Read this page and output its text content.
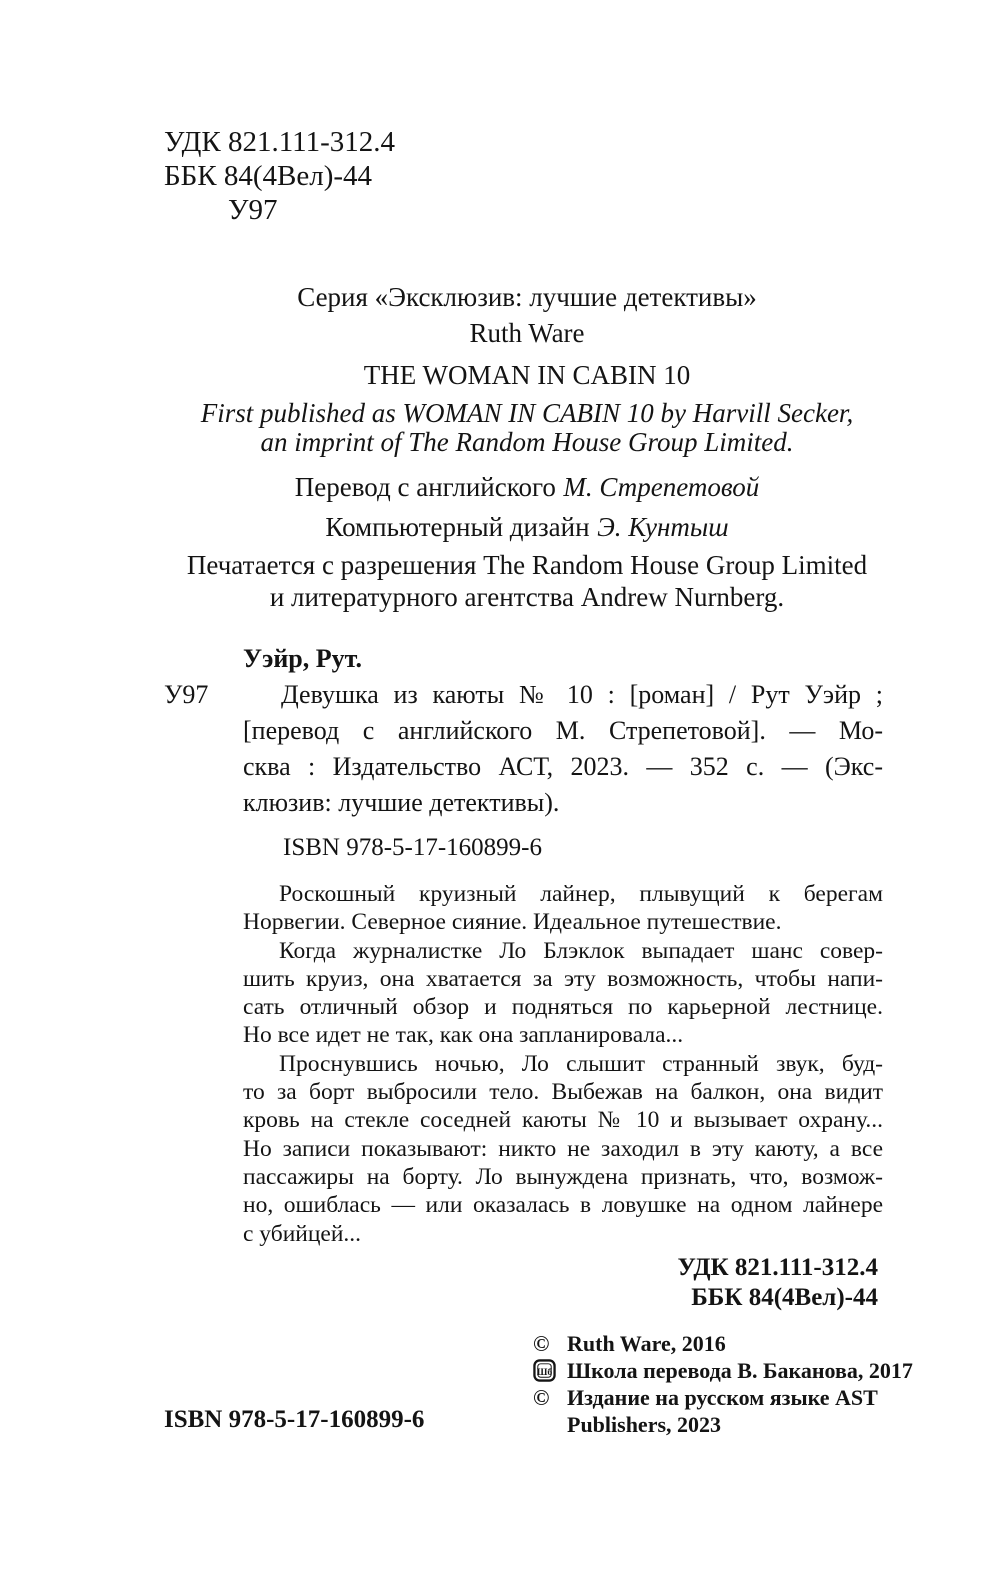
УДК 821.111-312.4
ББК 84(4Вел)-44
У97
Серия «Эксклюзив: лучшие детективы»
Ruth Ware
THE WOMAN IN CABIN 10
First published as WOMAN IN CABIN 10 by Harvill Secker,
an imprint of The Random House Group Limited.
Перевод с английского М. Стрепетовой
Компьютерный дизайн Э. Кунтыш
Печатается с разрешения The Random House Group Limited
и литературного агентства Andrew Nurnberg.
Уэйр, Рут.
У97	Девушка из каюты № 10 : [роман] / Рут Уэйр ;
[перевод с английского М. Стрепетовой]. — Мо-
сква : Издательство АСТ, 2023. — 352 с. — (Экс-
клюзив: лучшие детективы).
ISBN 978-5-17-160899-6
Роскошный круизный лайнер, плывущий к берегам
Норвегии. Северное сияние. Идеальное путешествие.
Когда журналистке Ло Блэклок выпадает шанс совер-
шить круиз, она хватается за эту возможность, чтобы напи-
сать отличный обзор и подняться по карьерной лестнице.
Но все идет не так, как она запланировала...
Проснувшись ночью, Ло слышит странный звук, буд-
то за борт выбросили тело. Выбежав на балкон, она видит
кровь на стекле соседней каюты № 10 и вызывает охрану...
Но записи показывают: никто не заходил в эту каюту, а все
пассажиры на борту. Ло вынуждена признать, что, возмож-
но, ошиблась — или оказалась в ловушке на одном лайнере
с убийцей...
УДК 821.111-312.4
ББК 84(4Вел)-44
© Ruth Ware, 2016
Шб Школа перевода В. Баканова, 2017
© Издание на русском языке AST
Publishers, 2023
ISBN 978-5-17-160899-6
